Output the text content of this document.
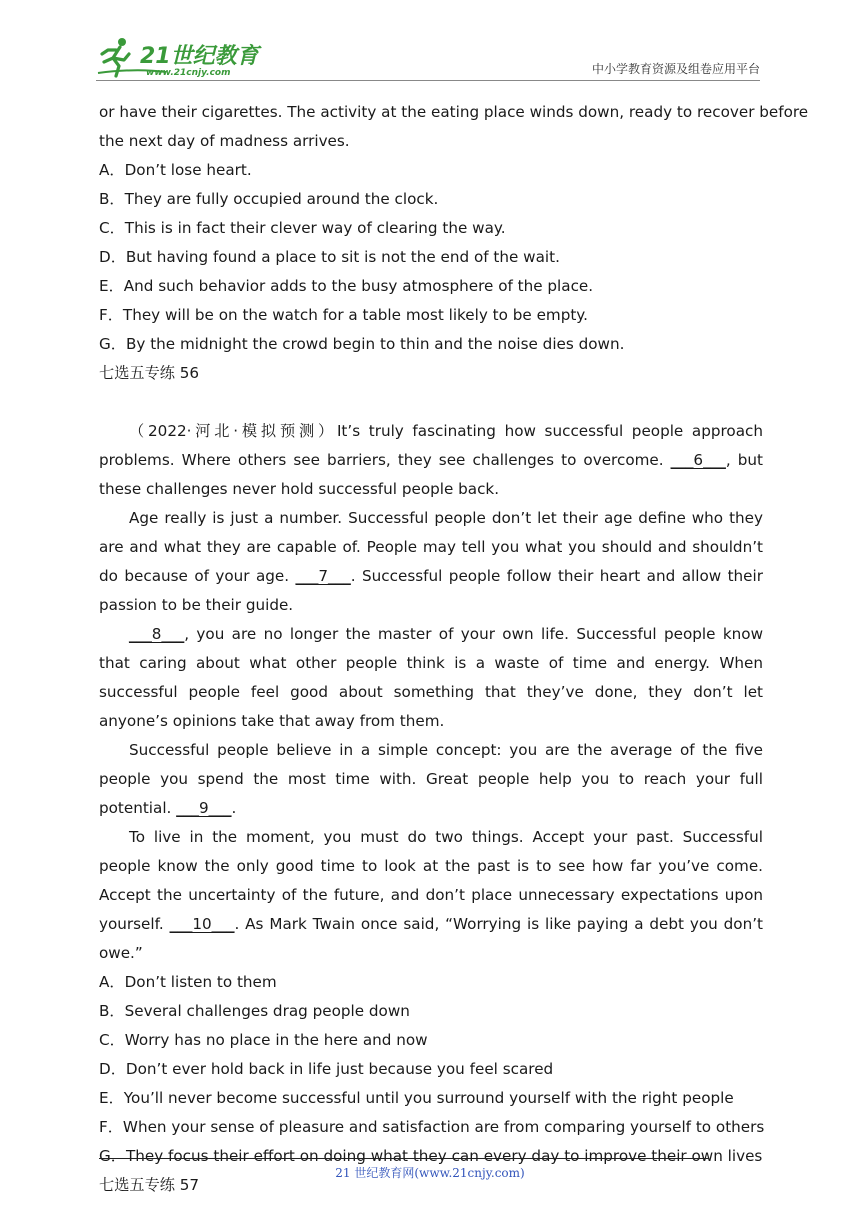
21世纪教育
www.21cnjy.com	中小学教育资源及组卷应用平台

or have their cigarettes. The activity at the eating place winds down, ready to recover before

the next day of madness arrives.

A．Don’t lose heart.

B．They are fully occupied around the clock.

C．This is in fact their clever way of clearing the way.

D．But having found a place to sit is not the end of the wait.

E．And such behavior adds to the busy atmosphere of the place.

F．They will be on the watch for a table most likely to be empty.

G．By the midnight the crowd begin to thin and the noise dies down.

七选五专练 56

（2022·河北·模拟预测）It’s truly fascinating how successful people approach problems. Where others see barriers, they see challenges to overcome. ___6___, but these challenges never hold successful people back.

Age really is just a number. Successful people don’t let their age define who they are and what they are capable of. People may tell you what you should and shouldn’t do because of your age. ___7___. Successful people follow their heart and allow their passion to be their guide.

___8___, you are no longer the master of your own life. Successful people know that caring about what other people think is a waste of time and energy. When successful people feel good about something that they’ve done, they don’t let anyone’s opinions take that away from them.

Successful people believe in a simple concept: you are the average of the five people you spend the most time with. Great people help you to reach your full potential. ___9___.

To live in the moment, you must do two things. Accept your past. Successful people know the only good time to look at the past is to see how far you’ve come. Accept the uncertainty of the future, and don’t place unnecessary expectations upon yourself. ___10___. As Mark Twain once said, “Worrying is like paying a debt you don’t owe.”

A．Don’t listen to them

B．Several challenges drag people down

C．Worry has no place in the here and now

D．Don’t ever hold back in life just because you feel scared

E．You’ll never become successful until you surround yourself with the right people

F．When your sense of pleasure and satisfaction are from comparing yourself to others

G．They focus their effort on doing what they can every day to improve their own lives

七选五专练 57

21 世纪教育网(www.21cnjy.com)
